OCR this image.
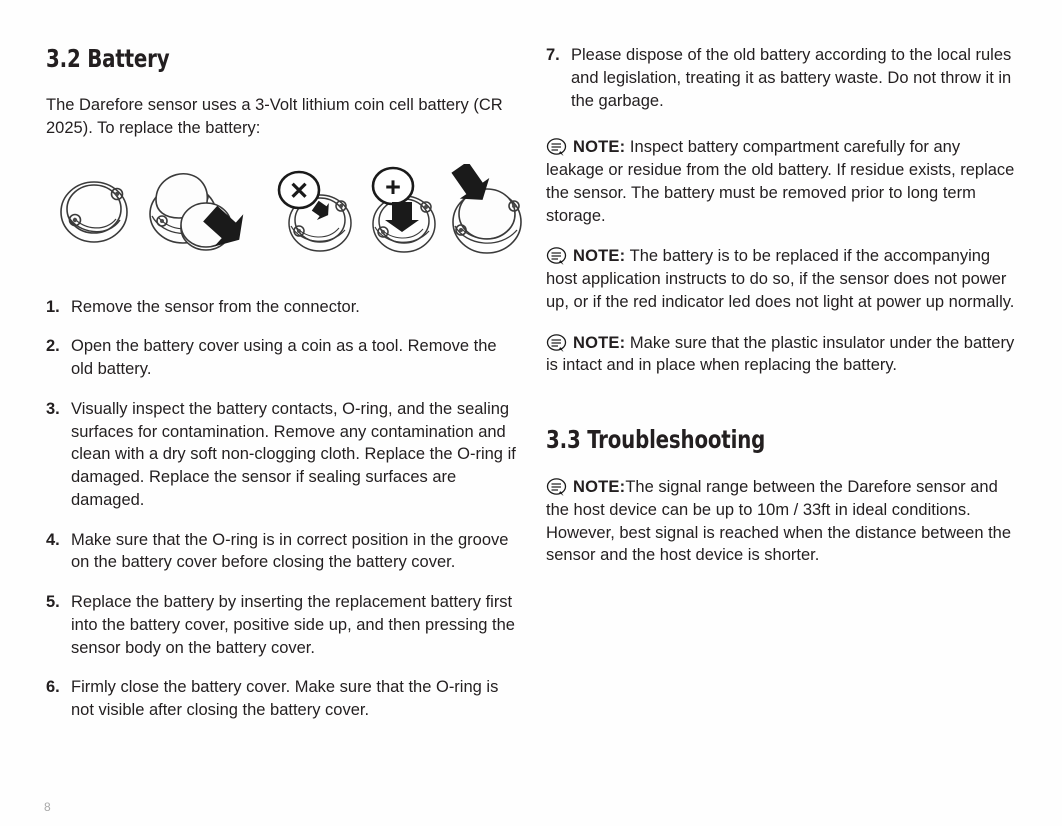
3.2 Battery

The Darefore sensor uses a 3-Volt lithium coin cell battery (CR 2025). To replace the battery:

✕	+
1. Remove the sensor from the connector.
2. Open the battery cover using a coin as a tool. Remove the old battery.
3. Visually inspect the battery contacts, O-ring, and the sealing surfaces for contamination. Remove any contamination and clean with a dry soft non-clogging cloth. Replace the O-ring if damaged. Replace the sensor if sealing surfaces are damaged.
4. Make sure that the O-ring is in correct position in the groove on the battery cover before closing the battery cover.
5. Replace the battery by inserting the replacement battery first into the battery cover, positive side up, and then pressing the sensor body on the battery cover.
6. Firmly close the battery cover. Make sure that the O-ring is not visible after closing the battery cover.
7. Please dispose of the old battery according to the local rules and legislation, treating it as battery waste. Do not throw it in the garbage.
NOTE: Inspect battery compartment carefully for any leakage or residue from the old battery. If residue exists, replace the sensor. The battery must be removed prior to long term storage.
NOTE: The battery is to be replaced if the accompanying host application instructs to do so, if the sensor does not power up, or if the red indicator led does not light at power up normally.
NOTE: Make sure that the plastic insulator under the battery is intact and in place when replacing the battery.
3.3 Troubleshooting
NOTE:The signal range between the Darefore sensor and the host device can be up to 10m / 33ft in ideal conditions. However, best signal is reached when the distance between the sensor and the host device is shorter.
8
